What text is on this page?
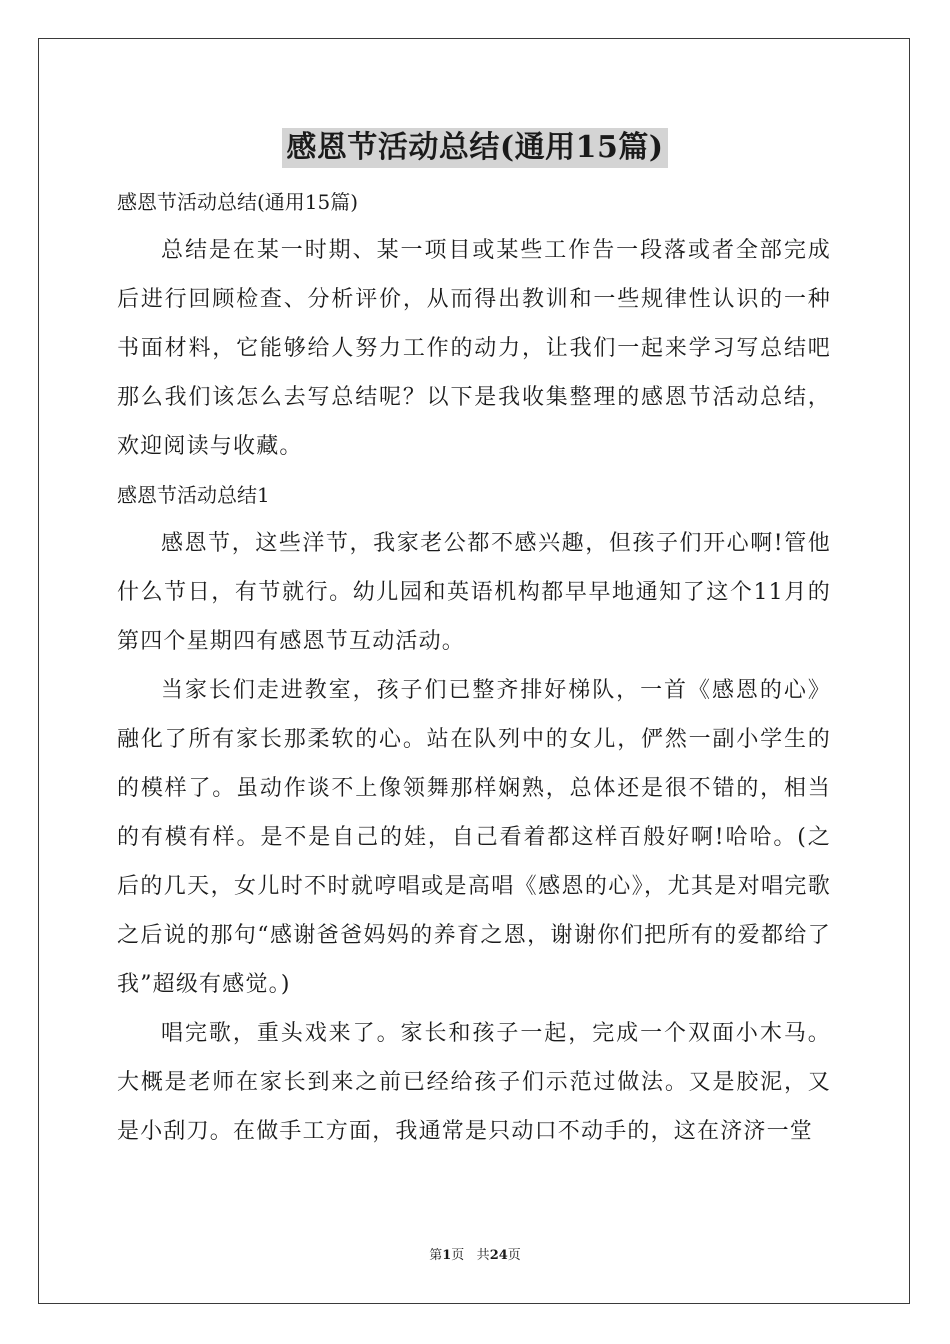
感恩节活动总结(通用15篇)

感恩节活动总结(通用15篇)

总结是在某一时期、某一项目或某些工作告一段落或者全部完成后进行回顾检查、分析评价，从而得出教训和一些规律性认识的一种书面材料，它能够给人努力工作的动力，让我们一起来学习写总结吧那么我们该怎么去写总结呢？以下是我收集整理的感恩节活动总结，欢迎阅读与收藏。

感恩节活动总结1

感恩节，这些洋节，我家老公都不感兴趣，但孩子们开心啊!管他什么节日，有节就行。幼儿园和英语机构都早早地通知了这个11月的第四个星期四有感恩节互动活动。

当家长们走进教室，孩子们已整齐排好梯队，一首《感恩的心》融化了所有家长那柔软的心。站在队列中的女儿，俨然一副小学生的的模样了。虽动作谈不上像领舞那样娴熟，总体还是很不错的，相当的有模有样。是不是自己的娃，自己看着都这样百般好啊!哈哈。(之后的几天，女儿时不时就哼唱或是高唱《感恩的心》，尤其是对唱完歌之后说的那句“感谢爸爸妈妈的养育之恩，谢谢你们把所有的爱都给了我”超级有感觉。)

唱完歌，重头戏来了。家长和孩子一起，完成一个双面小木马。大概是老师在家长到来之前已经给孩子们示范过做法。又是胶泥，又是小刮刀。在做手工方面，我通常是只动口不动手的，这在济济一堂

第1页 共24页
